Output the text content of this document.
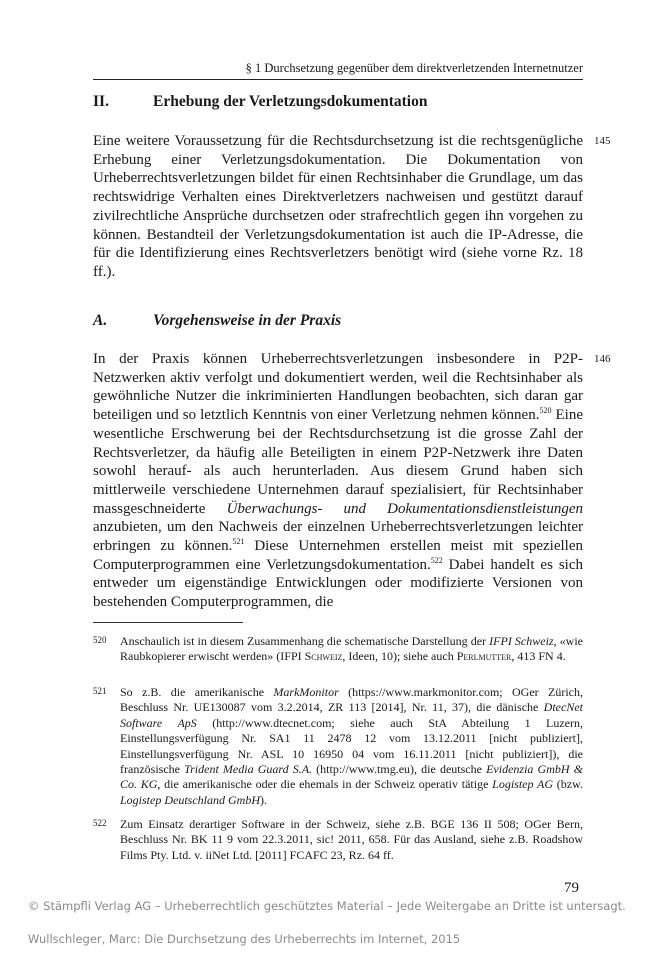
§ 1 Durchsetzung gegenüber dem direktverletzenden Internetnutzer
II.	Erhebung der Verletzungsdokumentation
145

Eine weitere Voraussetzung für die Rechtsdurchsetzung ist die rechtsgenügliche Erhebung einer Verletzungsdokumentation. Die Dokumentation von Urheberrechtsverletzungen bildet für einen Rechtsinhaber die Grundlage, um das rechtswidrige Verhalten eines Direktverletzers nachweisen und gestützt darauf zivilrechtliche Ansprüche durchsetzen oder strafrechtlich gegen ihn vorgehen zu können. Bestandteil der Verletzungsdokumentation ist auch die IP-Adresse, die für die Identifizierung eines Rechtsverletzers benötigt wird (siehe vorne Rz. 18 ff.).

A.	Vorgehensweise in der Praxis
146

In der Praxis können Urheberrechtsverletzungen insbesondere in P2P-Netzwerken aktiv verfolgt und dokumentiert werden, weil die Rechtsinhaber als gewöhnliche Nutzer die inkriminierten Handlungen beobachten, sich daran gar beteiligen und so letztlich Kenntnis von einer Verletzung nehmen können.$^{520}$ Eine wesentliche Erschwerung bei der Rechtsdurchsetzung ist die grosse Zahl der Rechtsverletzer, da häufig alle Beteiligten in einem P2P-Netzwerk ihre Daten sowohl herauf- als auch herunterladen. Aus diesem Grund haben sich mittlerweile verschiedene Unternehmen darauf spezialisiert, für Rechtsinhaber massgeschneiderte Überwachungs- und Dokumentationsdienstleistungen anzubieten, um den Nachweis der einzelnen Urheberrechtsverletzungen leichter erbringen zu können.$^{521}$ Diese Unternehmen erstellen meist mit speziellen Computerprogrammen eine Verletzungsdokumentation.$^{522}$ Dabei handelt es sich entweder um eigenständige Entwicklungen oder modifizierte Versionen von bestehenden Computerprogrammen, die

520 Anschaulich ist in diesem Zusammenhang die schematische Darstellung der IFPI Schweiz, «wie Raubkopierer erwischt werden» (IFPI Schweiz, Ideen, 10); siehe auch Perlmutter, 413 FN 4.
521 So z.B. die amerikanische MarkMonitor (https://www.markmonitor.com; OGer Zürich, Beschluss Nr. UE130087 vom 3.2.2014, ZR 113 [2014], Nr. 11, 37), die dänische DtecNet Software ApS (http://www.dtecnet.com; siehe auch StA Abteilung 1 Luzern, Einstellungsverfügung Nr. SA1 11 2478 12 vom 13.12.2011 [nicht publiziert], Einstellungsverfügung Nr. ASL 10 16950 04 vom 16.11.2011 [nicht publiziert]), die französische Trident Media Guard S.A. (http://www.tmg.eu), die deutsche Evidenzia GmbH & Co. KG, die amerikanische oder die ehemals in der Schweiz operativ tätige Logistep AG (bzw. Logistep Deutschland GmbH).
522 Zum Einsatz derartiger Software in der Schweiz, siehe z.B. BGE 136 II 508; OGer Bern, Beschluss Nr. BK 11 9 vom 22.3.2011, sic! 2011, 658. Für das Ausland, siehe z.B. Roadshow Films Pty. Ltd. v. iiNet Ltd. [2011] FCAFC 23, Rz. 64 ff.
79
© Stämpfli Verlag AG – Urheberrechtlich geschütztes Material – Jede Weitergabe an Dritte ist untersagt.
Wullschleger, Marc: Die Durchsetzung des Urheberrechts im Internet, 2015
